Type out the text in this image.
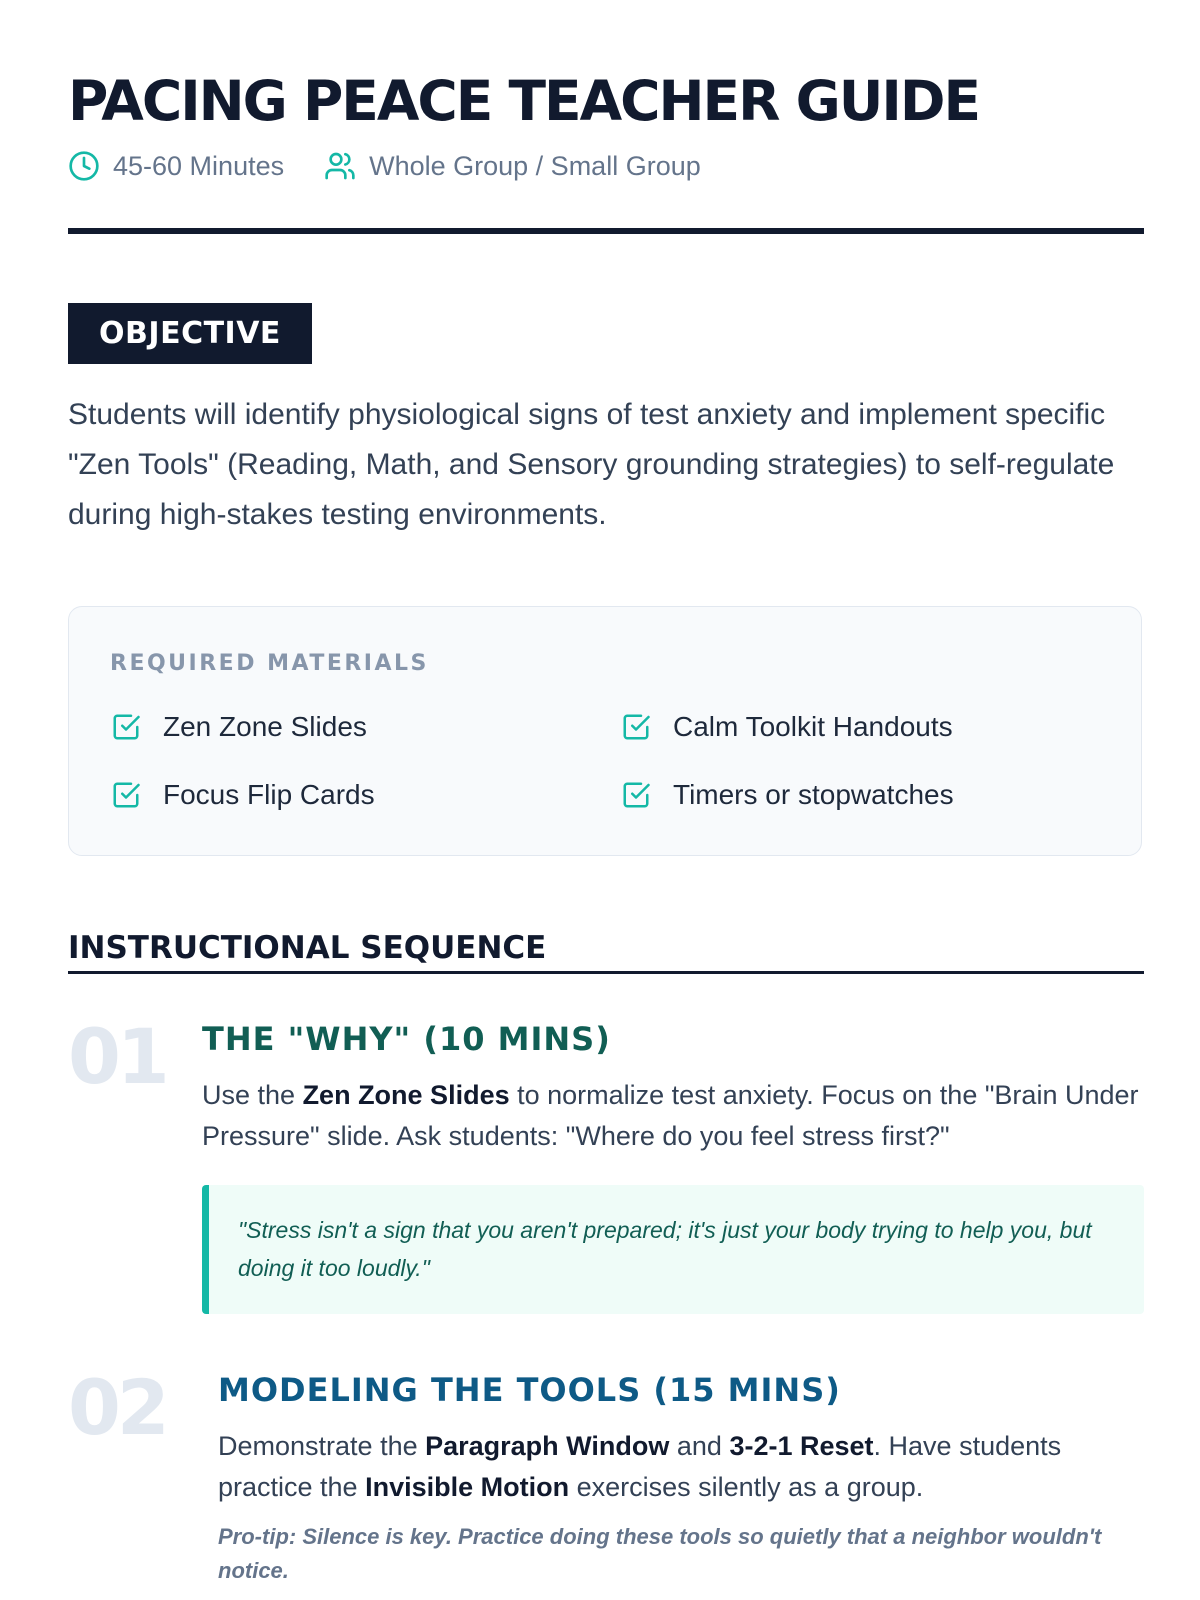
PACING PEACE TEACHER GUIDE
45-60 Minutes	Whole Group / Small Group
OBJECTIVE

Students will identify physiological signs of test anxiety and implement specific "Zen Tools" (Reading, Math, and Sensory grounding strategies) to self-regulate during high-stakes testing environments.

REQUIRED MATERIALS
Zen Zone Slides	Calm Toolkit Handouts
Focus Flip Cards	Timers or stopwatches
INSTRUCTIONAL SEQUENCE
01 THE "WHY" (10 MINS)
Use the Zen Zone Slides to normalize test anxiety. Focus on the "Brain Under Pressure" slide. Ask students: "Where do you feel stress first?"
"Stress isn't a sign that you aren't prepared; it's just your body trying to help you, but doing it too loudly."
02 MODELING THE TOOLS (15 MINS)
Demonstrate the Paragraph Window and 3-2-1 Reset. Have students practice the Invisible Motion exercises silently as a group.
Pro-tip: Silence is key. Practice doing these tools so quietly that a neighbor wouldn't notice.
